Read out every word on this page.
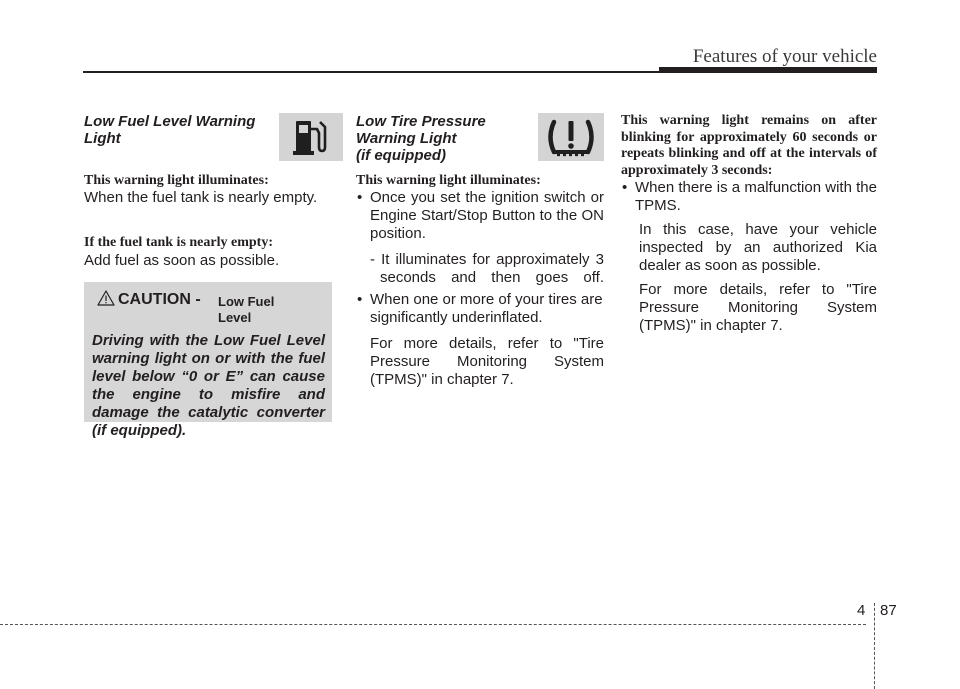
Features of your vehicle
Low Fuel Level Warning Light
This warning light illuminates:
When the fuel tank is nearly empty.
If the fuel tank is nearly empty:
Add fuel as soon as possible.
CAUTION - Low Fuel Level
Driving with the Low Fuel Level warning light on or with the fuel level below “0 or E” can cause the engine to misfire and damage the catalytic converter (if equipped).
Low Tire Pressure
Warning Light
(if equipped)
This warning light illuminates:
• Once you set the ignition switch or Engine Start/Stop Button to the ON position.
- It illuminates for approximately 3 seconds and then goes off.
• When one or more of your tires are significantly underinflated.
For more details, refer to "Tire Pressure Monitoring System (TPMS)" in chapter 7.
This warning light remains on after blinking for approximately 60 seconds or repeats blinking and off at the intervals of approximately 3 seconds:
• When there is a malfunction with the TPMS.
In this case, have your vehicle inspected by an authorized Kia dealer as soon as possible.
For more details, refer to "Tire Pressure Monitoring System (TPMS)" in chapter 7.
4 87
